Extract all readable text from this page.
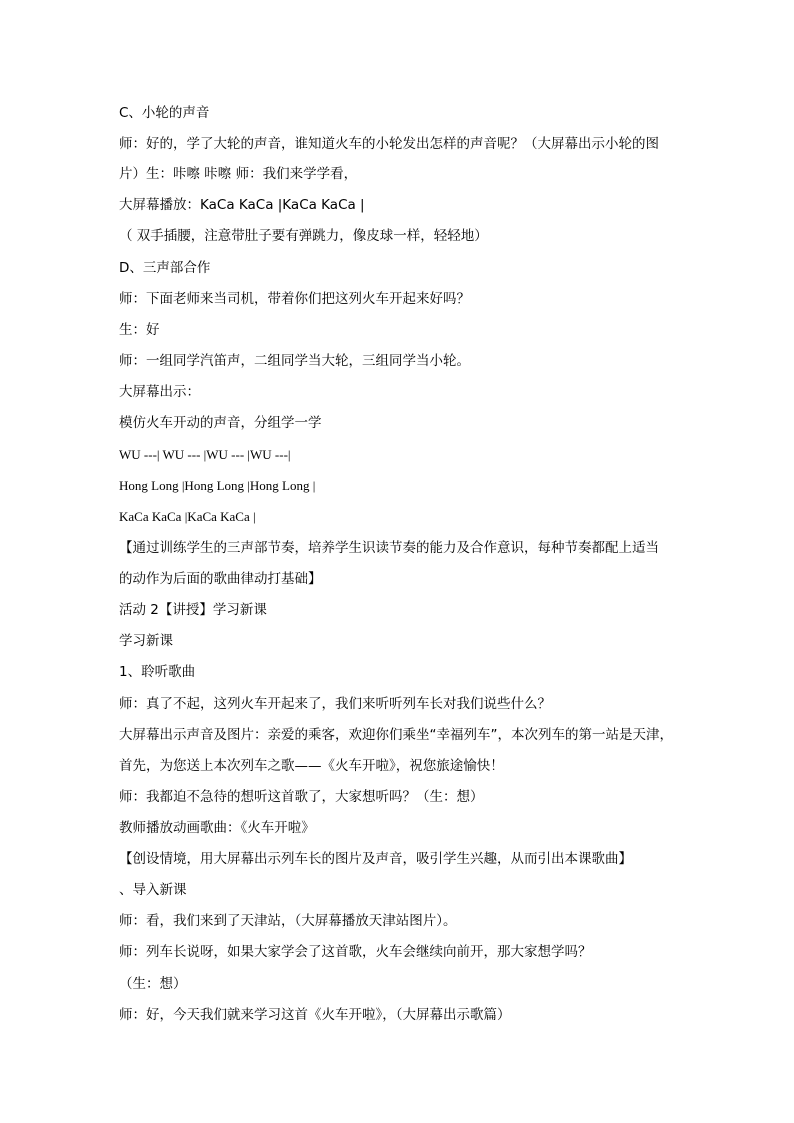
C、小轮的声音
师：好的，学了大轮的声音，谁知道火车的小轮发出怎样的声音呢？（大屏幕出示小轮的图
片）生：咔嚓 咔嚓 师：我们来学学看，
大屏幕播放：KaCa KaCa |KaCa KaCa |
（ 双手插腰，注意带肚子要有弹跳力，像皮球一样，轻轻地）
D、三声部合作
师：下面老师来当司机，带着你们把这列火车开起来好吗？
生：好
师：一组同学汽笛声，二组同学当大轮，三组同学当小轮。
大屏幕出示：
模仿火车开动的声音，分组学一学
WU ---| WU --- |WU --- |WU ---|
Hong Long |Hong Long |Hong Long |
KaCa KaCa |KaCa KaCa |
【通过训练学生的三声部节奏，培养学生识读节奏的能力及合作意识，每种节奏都配上适当
的动作为后面的歌曲律动打基础】
活动 2【讲授】学习新课
学习新课
1、聆听歌曲
师：真了不起，这列火车开起来了，我们来听听列车长对我们说些什么？
大屏幕出示声音及图片：亲爱的乘客，欢迎你们乘坐“幸福列车”，本次列车的第一站是天津，
首先，为您送上本次列车之歌——《火车开啦》，祝您旅途愉快！
师：我都迫不急待的想听这首歌了，大家想听吗？（生：想）
教师播放动画歌曲：《火车开啦》
【创设情境，用大屏幕出示列车长的图片及声音，吸引学生兴趣，从而引出本课歌曲】
、导入新课
师：看，我们来到了天津站，（大屏幕播放天津站图片）。
师：列车长说呀，如果大家学会了这首歌，火车会继续向前开，那大家想学吗？
（生：想）
师：好，今天我们就来学习这首《火车开啦》，（大屏幕出示歌篇）
